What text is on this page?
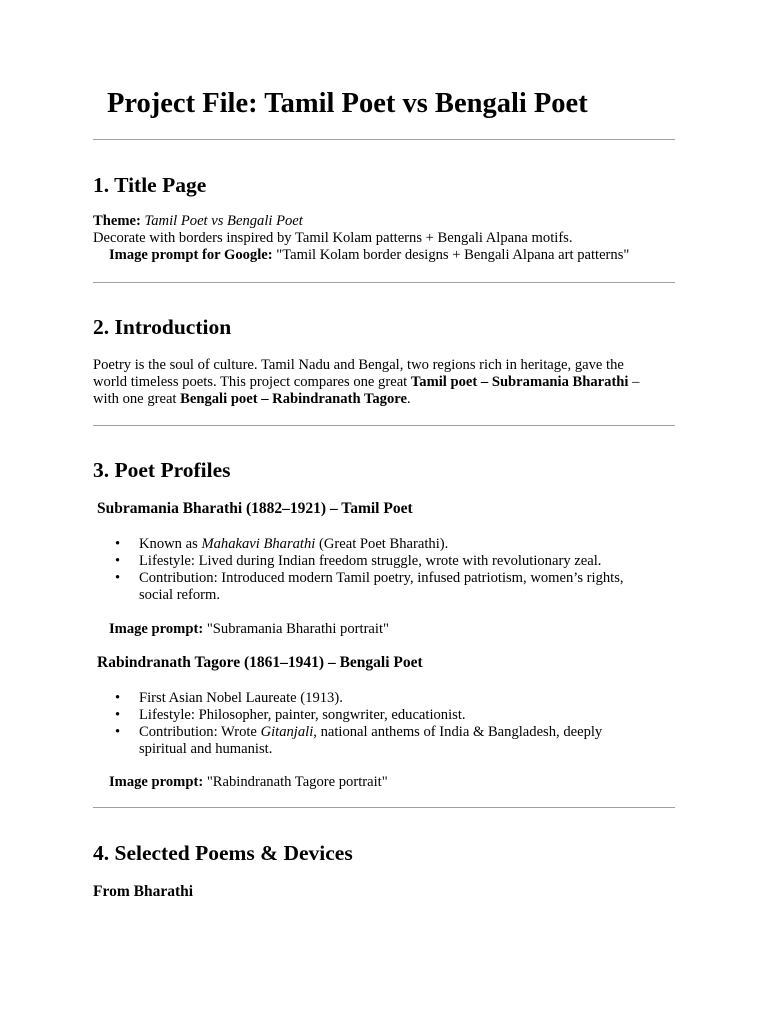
Project File: Tamil Poet vs Bengali Poet
1. Title Page
Theme: Tamil Poet vs Bengali Poet
Decorate with borders inspired by Tamil Kolam patterns + Bengali Alpana motifs.
Image prompt for Google: "Tamil Kolam border designs + Bengali Alpana art patterns"
2. Introduction
Poetry is the soul of culture. Tamil Nadu and Bengal, two regions rich in heritage, gave the
world timeless poets. This project compares one great Tamil poet – Subramania Bharathi –
with one great Bengali poet – Rabindranath Tagore.
3. Poet Profiles
Subramania Bharathi (1882–1921) – Tamil Poet
• Known as Mahakavi Bharathi (Great Poet Bharathi).
• Lifestyle: Lived during Indian freedom struggle, wrote with revolutionary zeal.
• Contribution: Introduced modern Tamil poetry, infused patriotism, women’s rights,
social reform.
Image prompt: "Subramania Bharathi portrait"
Rabindranath Tagore (1861–1941) – Bengali Poet
• First Asian Nobel Laureate (1913).
• Lifestyle: Philosopher, painter, songwriter, educationist.
• Contribution: Wrote Gitanjali, national anthems of India & Bangladesh, deeply
spiritual and humanist.
Image prompt: "Rabindranath Tagore portrait"
4. Selected Poems & Devices
From Bharathi
